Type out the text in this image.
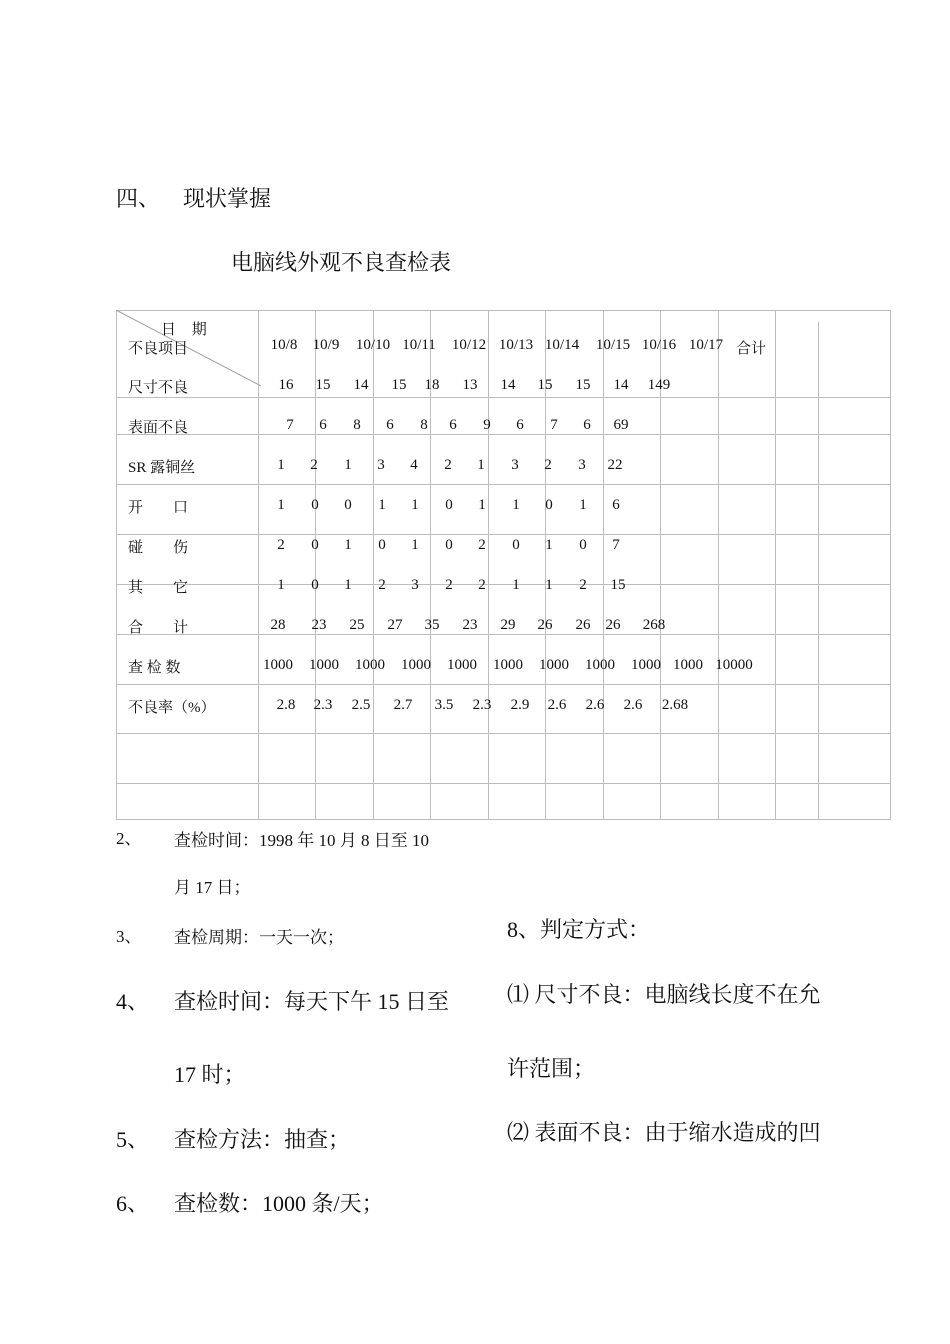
四、 现状掌握
电脑线外观不良查检表
日 期
不良项目	10/8 10/9 10/10 10/11 10/12 10/13 10/14 10/15 10/16 10/17 合计
尺寸不良	16 15 14 15 18 13 14 15 15 14 149
表面不良	7 6 8 6 8 6 9 6 7 6 69
SR 露铜丝	1 2 1 3 4 2 1 3 2 3 22
开　　口	1 0 0 1 1 0 1 1 0 1 6
碰　　伤	2 0 1 0 1 0 2 0 1 0 7
其　　它	1 0 1 2 3 2 2 1 1 2 15
合　　计	28 23 25 27 35 23 29 26 26 26 268
查 检 数	1000 1000 1000 1000 1000 1000 1000 1000 1000 1000 10000
不良率（%）	2.8 2.3 2.5 2.7 3.5 2.3 2.9 2.6 2.6 2.6 2.68
2、 查检时间：1998 年 10 月 8 日至 10
月 17 日；
3、 查检周期：一天一次；
4、 查检时间：每天下午 15 日至
17 时；
5、 查检方法：抽查；
6、 查检数：1000 条/天；
8、判定方式：
⑴ 尺寸不良：电脑线长度不在允
许范围；
⑵ 表面不良：由于缩水造成的凹
